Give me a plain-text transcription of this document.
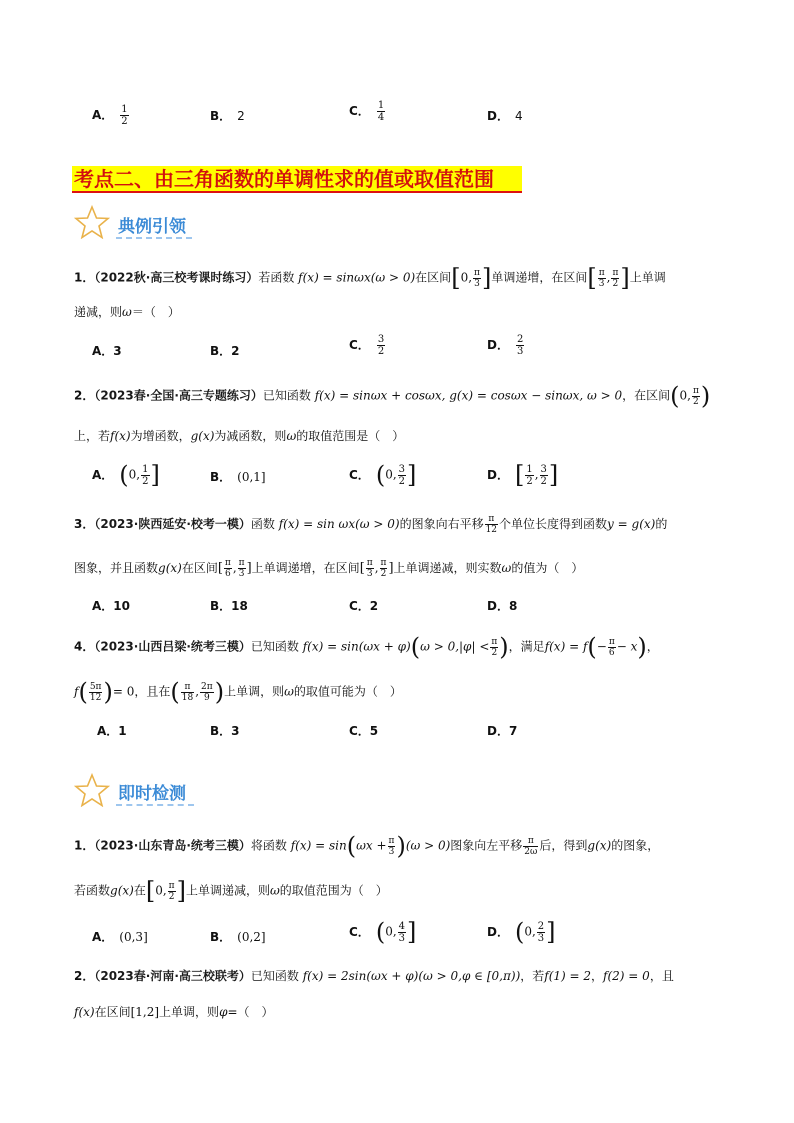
A． $\frac{1}{2}$	B． 2	C． $\frac{1}{4}$	D． 4
考点二、由三角函数的单调性求的值或取值范围
典例引领
1．（2022秋·高三校考课时练习）若函数 f(x) = sinωx(ω > 0)在区间[0, $\frac{\pi}{3}$ ]单调递增，在区间[ $\frac{\pi}{3}$ , $\frac{\pi}{2}$ ]上单调
递减，则ω＝（　）
A．3	B．2	C． $\frac{3}{2}$	D． $\frac{2}{3}$
2．（2023春·全国·高三专题练习）已知函数 f(x) = sinωx + cosωx, g(x) = cosωx − sinωx, ω > 0，在区间(0, $\frac{\pi}{2}$ )
上，若f(x)为增函数，g(x)为减函数，则ω的取值范围是（　）
A． (0, $\frac{1}{2}$ ]	B． (0,1]	C． (0, $\frac{3}{2}$ ]	D． [ $\frac{1}{2}$ , $\frac{3}{2}$ ]
3．（2023·陕西延安·校考一模）函数 f(x) = sin ωx(ω > 0)的图象向右平移 $\frac{\pi}{12}$ 个单位长度得到函数y = g(x)的
图象，并且函数g(x)在区间[ $\frac{\pi}{6}$ , $\frac{\pi}{3}$ ]上单调递增，在区间[ $\frac{\pi}{3}$ , $\frac{\pi}{2}$ ]上单调递减，则实数ω的值为（　）
A．10	B．18	C．2	D．8
4．（2023·山西吕梁·统考三模）已知函数 $f(x) = \sin(\omega x + \varphi)(\omega > 0,|\varphi| < \frac{\pi}{2}$ )，满足$f(x) = f(- \frac{\pi}{6} - x)$，
$f( \frac{5\pi}{12}$ )= 0，且在( $\frac{\pi}{18}$ , $\frac{2\pi}{9}$ )上单调，则ω的取值可能为（　）
A．1	B．3	C．5	D．7
即时检测
1．（2023·山东青岛·统考三模）将函数 $f(x) = \sin(\omega x + \frac{\pi}{3} )(\omega > 0)$图象向左平移 $\frac{\pi}{2\omega}$ 后，得到g(x)的图象，
若函数g(x)在[0, $\frac{\pi}{2}$ ]上单调递减，则ω的取值范围为（　）
A． (0,3]	B． (0,2]	C． (0, $\frac{4}{3}$ ]	D． (0, $\frac{2}{3}$ ]
2．（2023春·河南·高三校联考）已知函数 f(x) = 2sin(ωx + φ)(ω > 0,φ ∈ [0,π))，若f(1) = 2，f(2) = 0，且
f(x)在区间[1,2]上单调，则φ=（　）
